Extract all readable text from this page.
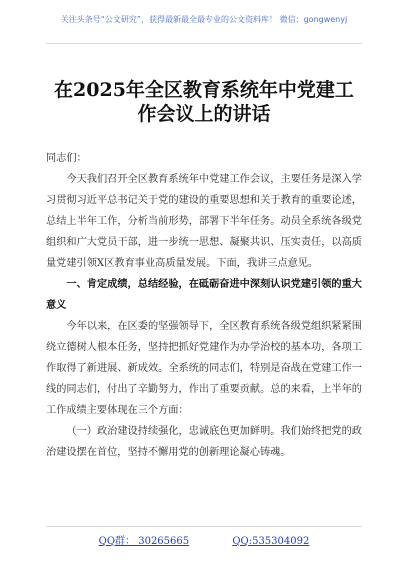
关注头条号“公文研究”，获得最新最全最专业的公文资料库！ 微信：gongwenyj
在2025年全区教育系统年中党建工作会议上的讲话

同志们：

今天我们召开全区教育系统年中党建工作会议，主要任务是深入学习贯彻习近平总书记关于党的建设的重要思想和关于教育的重要论述，总结上半年工作，分析当前形势，部署下半年任务。动员全系统各级党组织和广大党员干部，进一步统一思想、凝聚共识、压实责任，以高质量党建引领X区教育事业高质量发展。下面，我讲三点意见。

一、肯定成绩，总结经验，在砥砺奋进中深刻认识党建引领的重大意义

今年以来，在区委的坚强领导下，全区教育系统各级党组织紧紧围绕立德树人根本任务，坚持把抓好党建作为办学治校的基本功，各项工作取得了新进展、新成效。全系统的同志们，特别是奋战在党建工作一线的同志们，付出了辛勤努力，作出了重要贡献。总的来看，上半年的工作成绩主要体现在三个方面：

（一）政治建设持续强化，忠诚底色更加鲜明。我们始终把党的政治建设摆在首位，坚持不懈用党的创新理论凝心铸魂。

QQ群： 30265665	QQ:535304092
